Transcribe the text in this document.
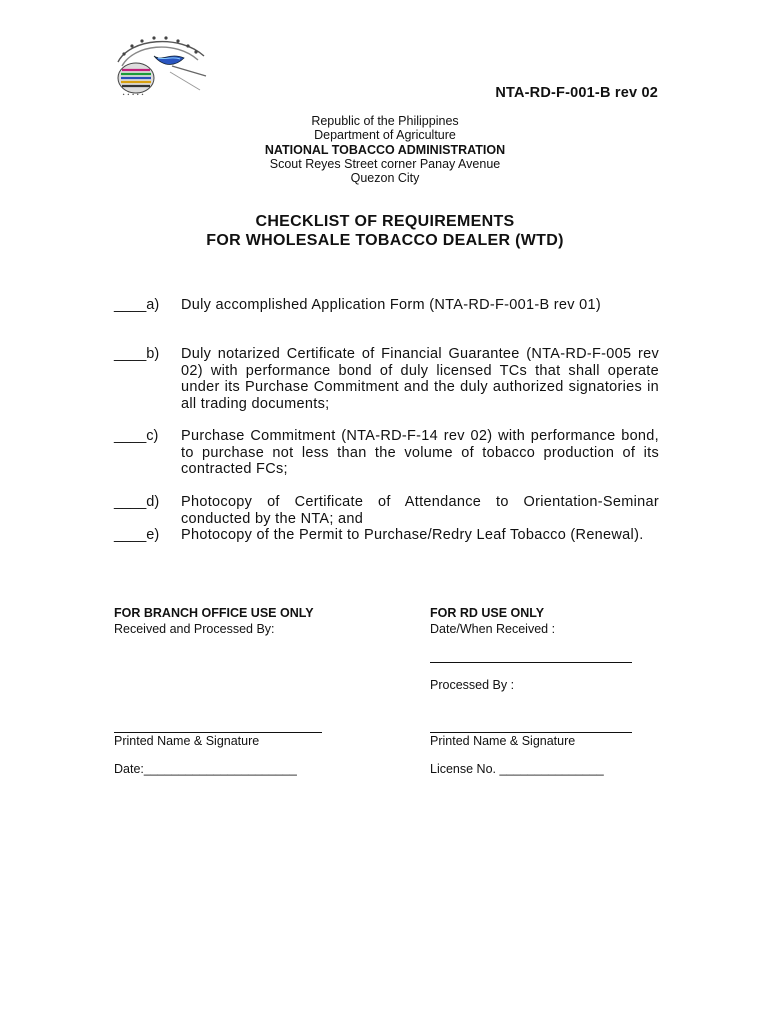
∙ ∙ ∙ ∙ ∙	NTA-RD-F-001-B rev 02
Republic of the Philippines
Department of Agriculture
NATIONAL TOBACCO ADMINISTRATION
Scout Reyes Street corner Panay Avenue
Quezon City
CHECKLIST OF REQUIREMENTS
FOR WHOLESALE TOBACCO DEALER (WTD)
____a)	Duly accomplished Application Form (NTA-RD-F-001-B rev 01)
____b)	Duly notarized Certificate of Financial Guarantee (NTA-RD-F-005 rev 02) with performance bond of duly licensed TCs that shall operate under its Purchase Commitment and the duly authorized signatories in all trading documents;
____c)	Purchase Commitment (NTA-RD-F-14 rev 02) with performance bond, to purchase not less than the volume of tobacco production of its contracted FCs;
____d)	Photocopy of Certificate of Attendance to Orientation-Seminar conducted by the NTA; and
____e)	Photocopy of the Permit to Purchase/Redry Leaf Tobacco (Renewal).
FOR BRANCH OFFICE USE ONLY
Received and Processed By:
Printed Name & Signature
Date:______________________
FOR RD USE ONLY
Date/When Received :
Processed By :
Printed Name & Signature
License No. _______________
